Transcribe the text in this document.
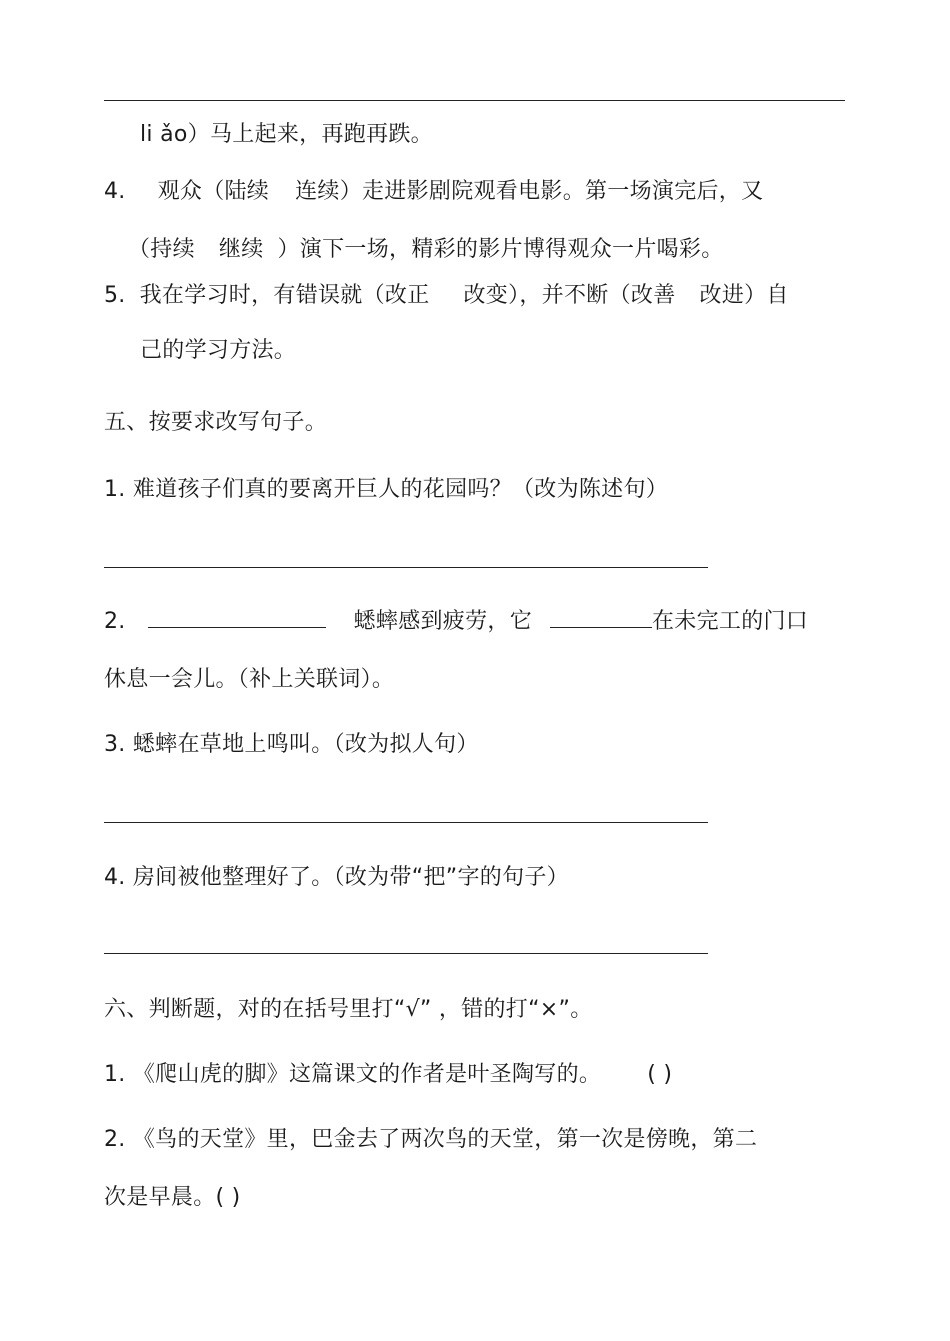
li ǎo）马上起来，再跑再跌。
4. 观众（陆续 连续）走进影剧院观看电影。第一场演完后，又
（持续 继续 ）演下一场，精彩的影片博得观众一片喝彩。
5. 我在学习时，有错误就（改正 改变），并不断（改善 改进）自
己的学习方法。
五、按要求改写句子。
1. 难道孩子们真的要离开巨人的花园吗？（改为陈述句）
2.	蟋蟀感到疲劳，它	在未完工的门口
休息一会儿。（补上关联词）。
3. 蟋蟀在草地上鸣叫。（改为拟人句）
4. 房间被他整理好了。（改为带“把”字的句子）
六、判断题，对的在括号里打“√” ，错的打“×”。
1. 《爬山虎的脚》这篇课文的作者是叶圣陶写的。 ( )
2. 《鸟的天堂》里，巴金去了两次鸟的天堂，第一次是傍晚，第二
次是早晨。( )
